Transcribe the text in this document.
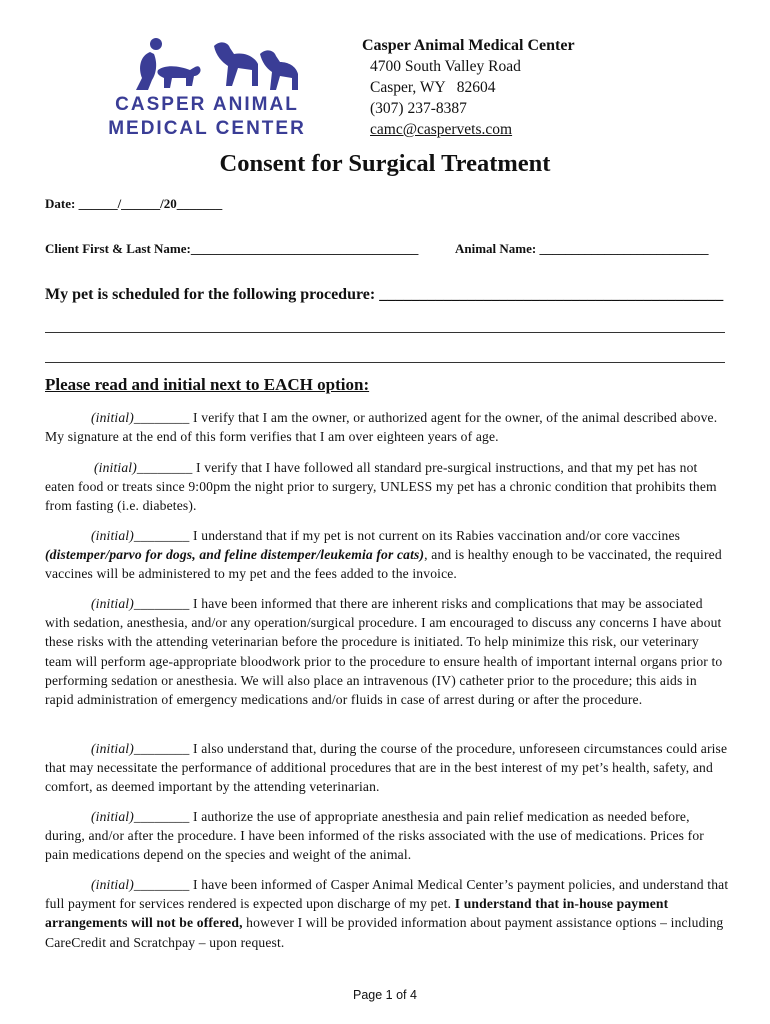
CASPER ANIMAL
MEDICAL CENTER
Casper Animal Medical Center
4700 South Valley Road
Casper, WY   82604
(307) 237-8387
camc@caspervets.com
Consent for Surgical Treatment
Date: ______/______/20_______
Client First & Last Name:___________________________________	Animal Name: __________________________
My pet is scheduled for the following procedure: ___________________________________________
Please read and initial next to EACH option:
(initial)________ I verify that I am the owner, or authorized agent for the owner, of the animal described above. My signature at the end of this form verifies that I am over eighteen years of age.
(initial)________ I verify that I have followed all standard pre-surgical instructions, and that my pet has not eaten food or treats since 9:00pm the night prior to surgery, UNLESS my pet has a chronic condition that prohibits them from fasting (i.e. diabetes).
(initial)________ I understand that if my pet is not current on its Rabies vaccination and/or core vaccines (distemper/parvo for dogs, and feline distemper/leukemia for cats), and is healthy enough to be vaccinated, the required vaccines will be administered to my pet and the fees added to the invoice.
(initial)________ I have been informed that there are inherent risks and complications that may be associated with sedation, anesthesia, and/or any operation/surgical procedure. I am encouraged to discuss any concerns I have about these risks with the attending veterinarian before the procedure is initiated. To help minimize this risk, our veterinary team will perform age-appropriate bloodwork prior to the procedure to ensure health of important internal organs prior to performing sedation or anesthesia. We will also place an intravenous (IV) catheter prior to the procedure; this aids in rapid administration of emergency medications and/or fluids in case of arrest during or after the procedure.
(initial)________ I also understand that, during the course of the procedure, unforeseen circumstances could arise that may necessitate the performance of additional procedures that are in the best interest of my pet’s health, safety, and comfort, as deemed important by the attending veterinarian.
(initial)________ I authorize the use of appropriate anesthesia and pain relief medication as needed before, during, and/or after the procedure. I have been informed of the risks associated with the use of medications. Prices for pain medications depend on the species and weight of the animal.
(initial)________ I have been informed of Casper Animal Medical Center’s payment policies, and understand that full payment for services rendered is expected upon discharge of my pet. I understand that in-house payment arrangements will not be offered, however I will be provided information about payment assistance options – including CareCredit and Scratchpay – upon request.
Page 1 of 4
